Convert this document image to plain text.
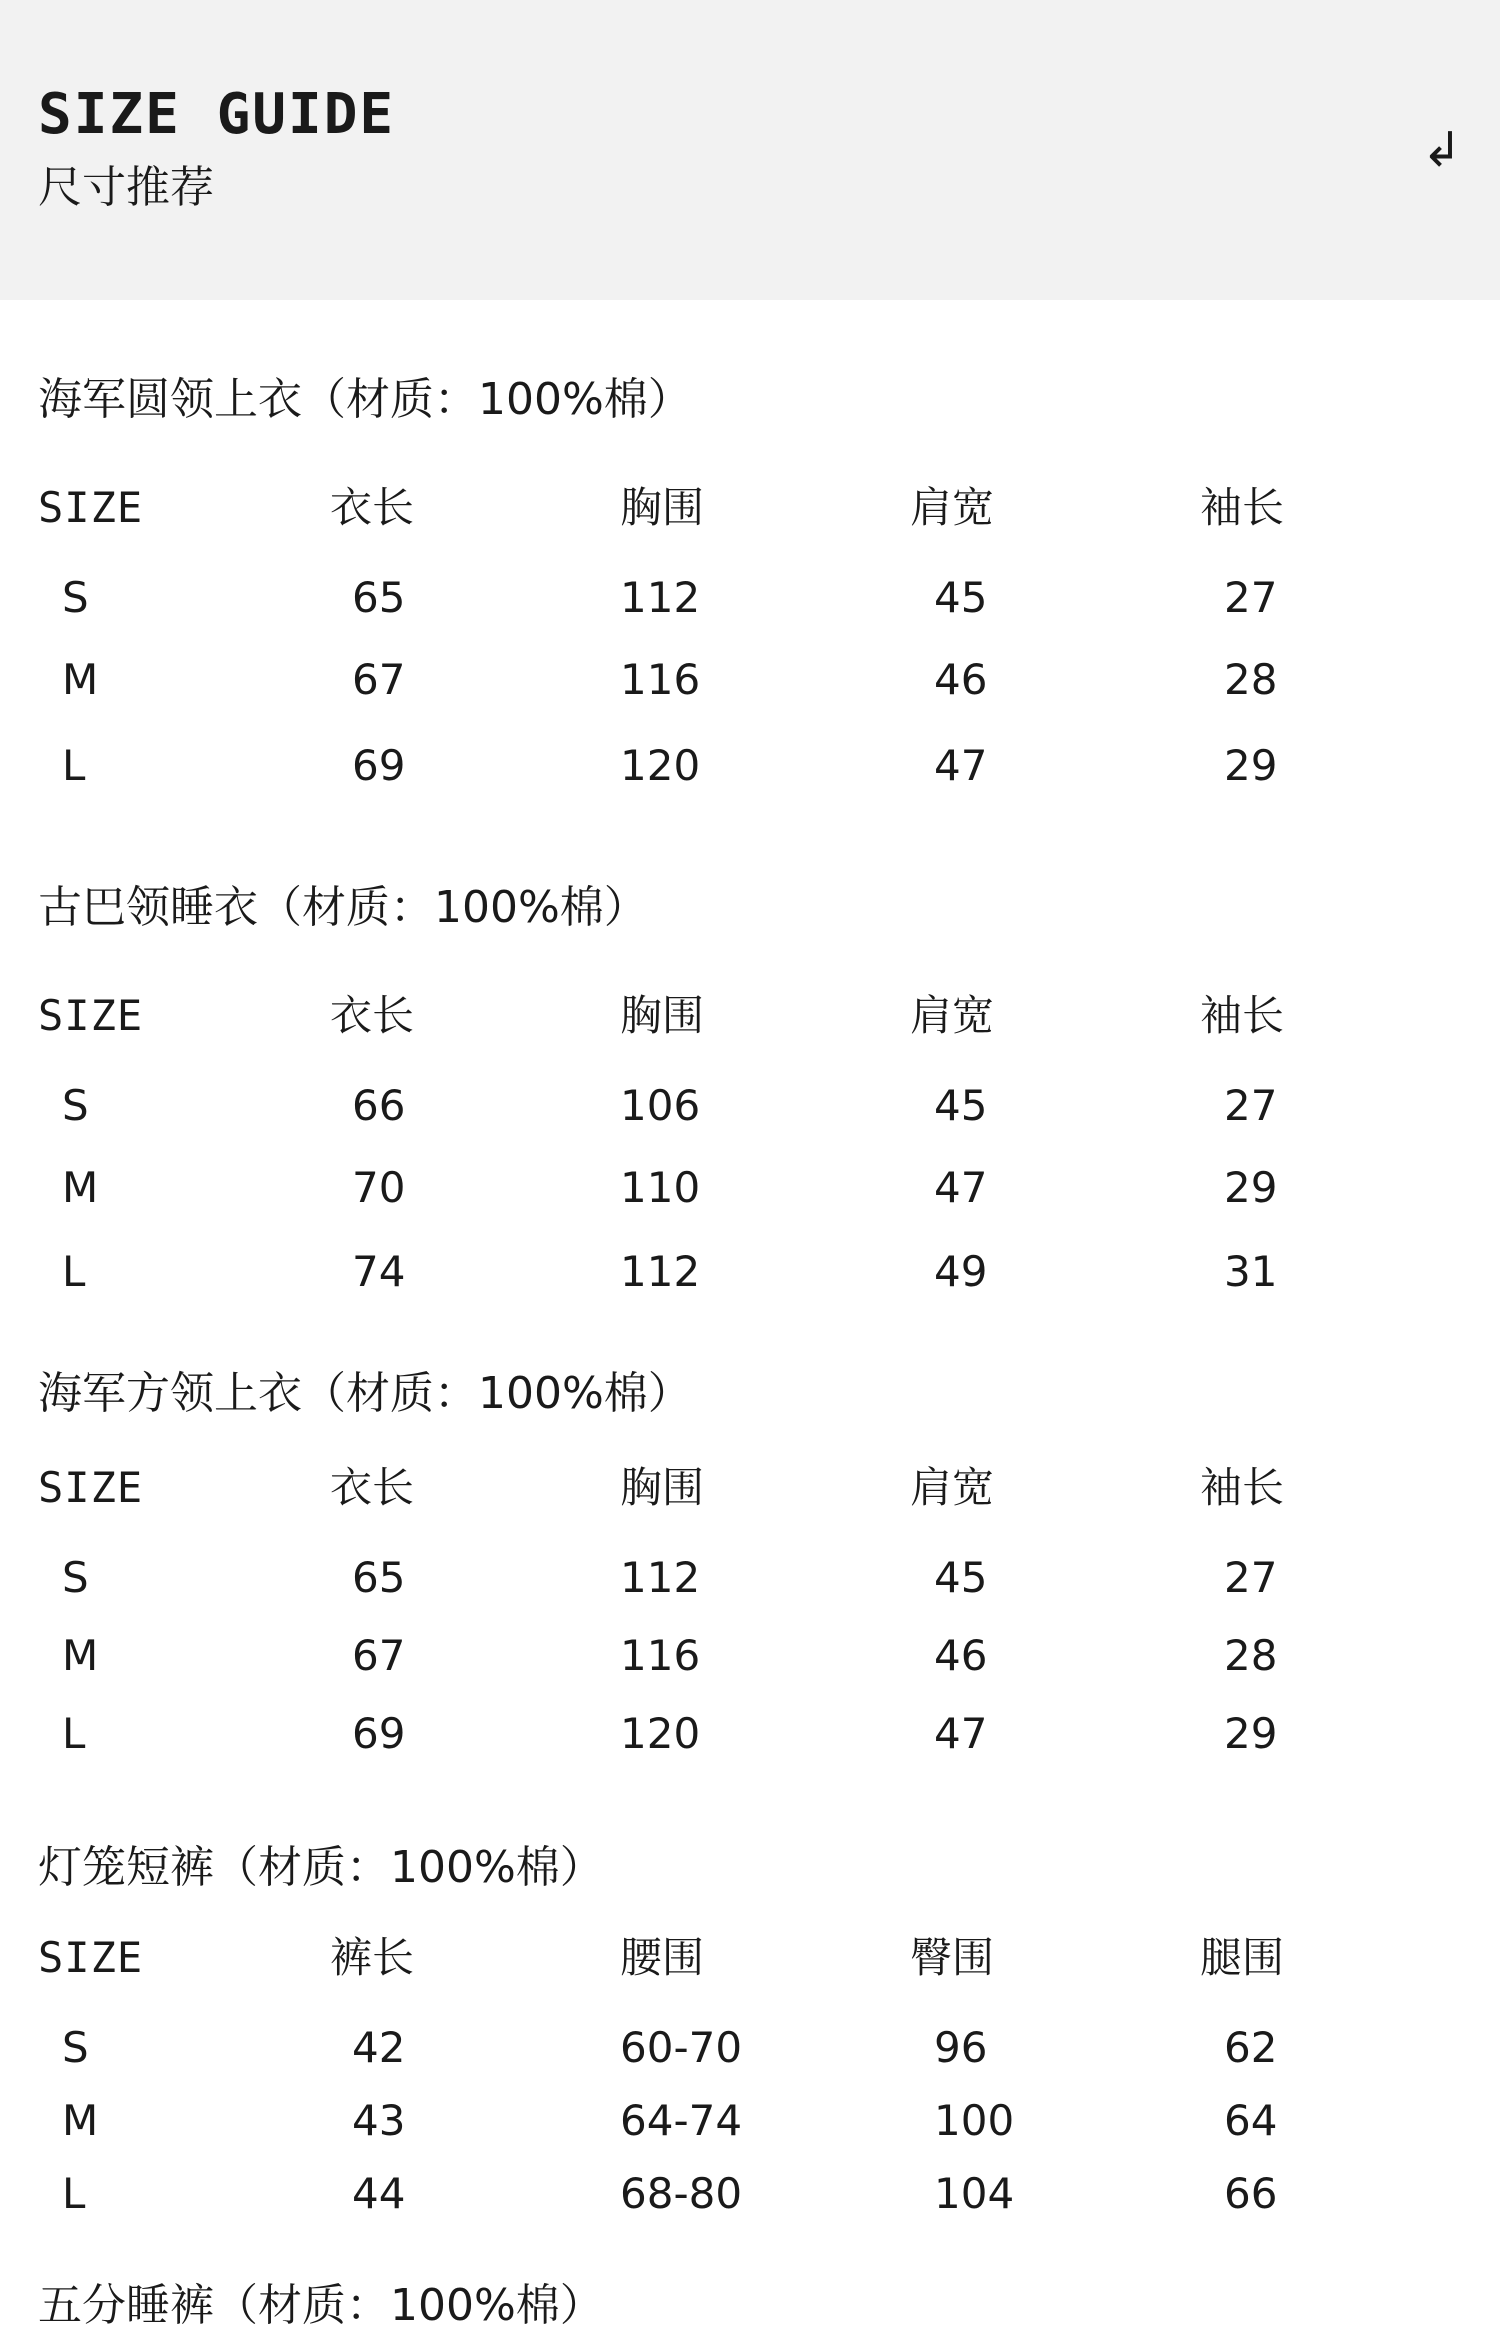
SIZE GUIDE
尺寸推荐
↲
海军圆领上衣（材质：100%棉）
SIZE	衣长	胸围	肩宽	袖长
S	65	112	45	27
M	67	116	46	28
L	69	120	47	29
古巴领睡衣（材质：100%棉）
SIZE	衣长	胸围	肩宽	袖长
S	66	106	45	27
M	70	110	47	29
L	74	112	49	31
海军方领上衣（材质：100%棉）
SIZE	衣长	胸围	肩宽	袖长
S	65	112	45	27
M	67	116	46	28
L	69	120	47	29
灯笼短裤（材质：100%棉）
SIZE	裤长	腰围	臀围	腿围
S	42	60-70	96	62
M	43	64-74	100	64
L	44	68-80	104	66
五分睡裤（材质：100%棉）
